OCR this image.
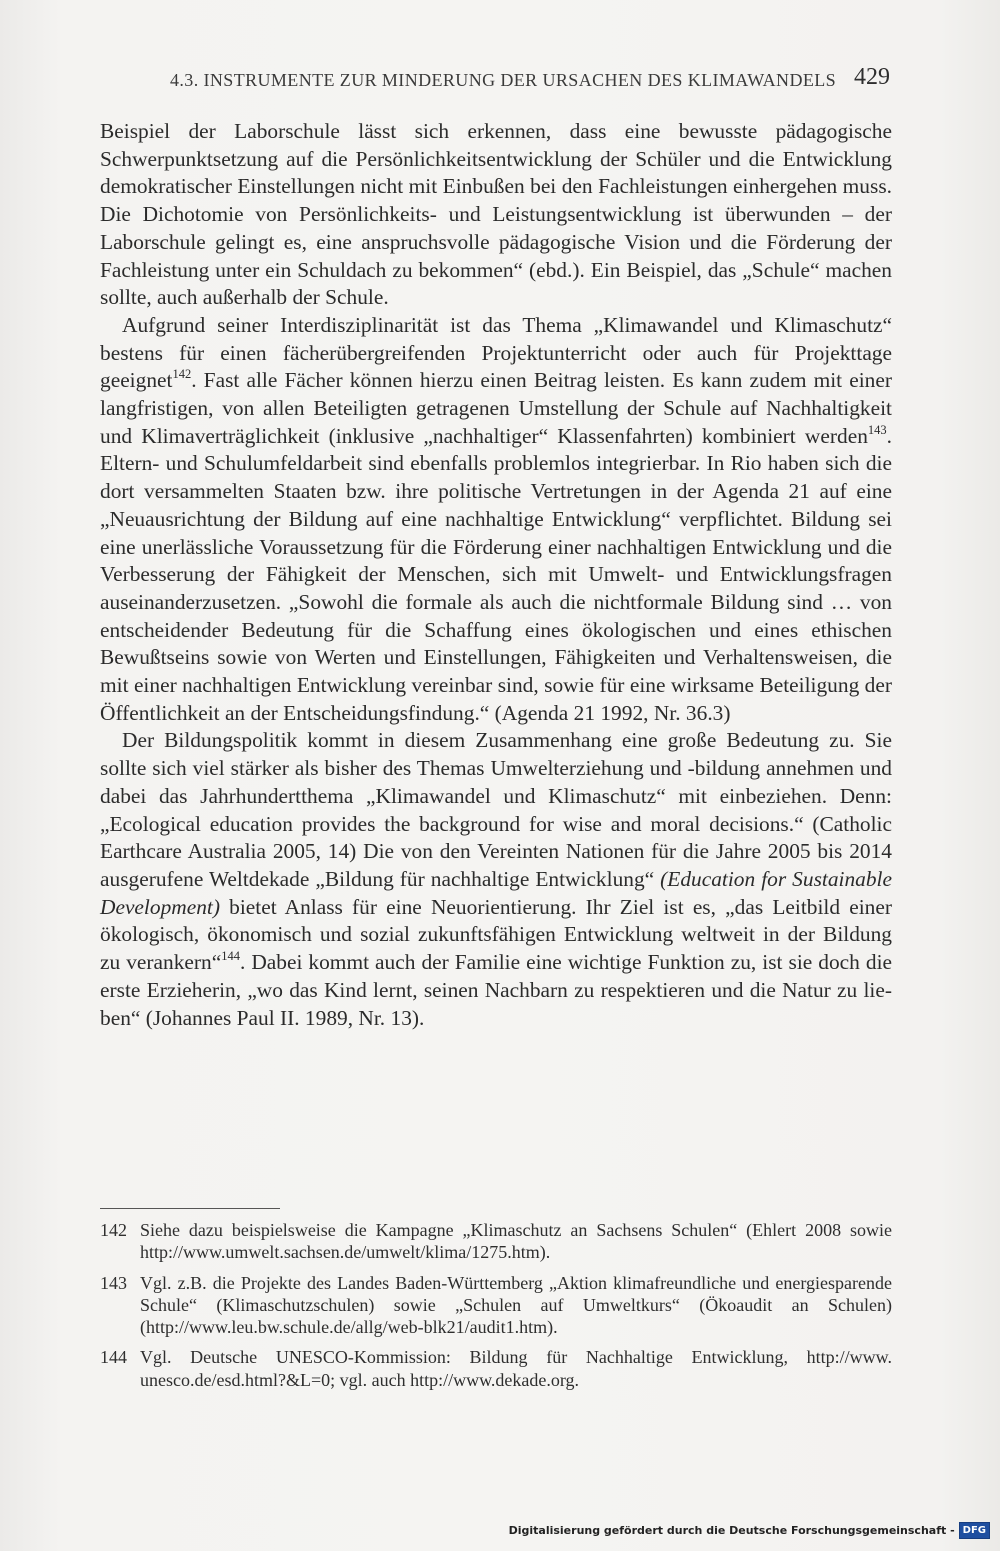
4.3. INSTRUMENTE ZUR MINDERUNG DER URSACHEN DES KLIMAWANDELS 429

Beispiel der Laborschule lässt sich erkennen, dass eine bewusste pädagogische Schwerpunktsetzung auf die Persönlichkeitsentwicklung der Schüler und die Entwicklung demokratischer Einstellungen nicht mit Einbußen bei den Fachleistungen einhergehen muss. Die Dichotomie von Persönlichkeits- und Leistungsentwicklung ist überwunden – der Laborschule gelingt es, eine anspruchsvolle pädagogische Vision und die Förderung der Fachleistung unter ein Schuldach zu bekommen“ (ebd.). Ein Beispiel, das „Schule“ machen sollte, auch außerhalb der Schule.

Aufgrund seiner Interdisziplinarität ist das Thema „Klimawandel und Klimaschutz“ bestens für einen fächerübergreifenden Projektunterricht oder auch für Projekttage geeignet$^{142}$. Fast alle Fächer können hierzu einen Beitrag leisten. Es kann zudem mit einer langfristigen, von allen Beteiligten getragenen Umstellung der Schule auf Nachhaltigkeit und Klimaverträglichkeit (inklusive „nachhaltiger“ Klassenfahrten) kombiniert werden$^{143}$. Eltern- und Schulumfeldarbeit sind ebenfalls problemlos integrierbar. In Rio haben sich die dort versammelten Staaten bzw. ihre politische Vertretungen in der Agenda 21 auf eine „Neuausrichtung der Bildung auf eine nachhaltige Entwicklung“ verpflichtet. Bildung sei eine unerlässliche Voraussetzung für die Förderung einer nachhaltigen Entwicklung und die Verbesserung der Fähigkeit der Menschen, sich mit Umwelt- und Entwicklungsfragen auseinanderzusetzen. „Sowohl die formale als auch die nichtformale Bildung sind … von entscheidender Bedeutung für die Schaffung eines ökologischen und eines ethischen Bewußtseins sowie von Werten und Einstellungen, Fähigkeiten und Verhaltensweisen, die mit einer nachhaltigen Entwicklung vereinbar sind, sowie für eine wirksame Beteiligung der Öffentlichkeit an der Entscheidungsfindung.“ (Agenda 21 1992, Nr. 36.3)

Der Bildungspolitik kommt in diesem Zusammenhang eine große Bedeutung zu. Sie sollte sich viel stärker als bisher des Themas Umwelterziehung und -bildung annehmen und dabei das Jahrhundertthema „Klimawandel und Klimaschutz“ mit einbeziehen. Denn: „Ecological education provides the background for wise and moral decisions.“ (Catholic Earthcare Australia 2005, 14) Die von den Vereinten Nationen für die Jahre 2005 bis 2014 ausgerufene Weltdekade „Bildung für nachhaltige Entwicklung“ (Education for Sustainable Development) bietet Anlass für eine Neuorientierung. Ihr Ziel ist es, „das Leitbild einer ökologisch, ökonomisch und sozial zukunftsfähigen Entwicklung weltweit in der Bildung zu verankern“$^{144}$. Dabei kommt auch der Familie eine wichtige Funktion zu, ist sie doch die erste Erzieherin, „wo das Kind lernt, seinen Nachbarn zu respektieren und die Natur zu lieben“ (Johannes Paul II. 1989, Nr. 13).

142 Siehe dazu beispielsweise die Kampagne „Klimaschutz an Sachsens Schulen“ (Ehlert 2008 sowie http://www.umwelt.sachsen.de/umwelt/klima/1275.htm).
143 Vgl. z.B. die Projekte des Landes Baden-Württemberg „Aktion klimafreundliche und energiesparende Schule“ (Klimaschutzschulen) sowie „Schulen auf Umweltkurs“ (Ökoaudit an Schulen) (http://www.leu.bw.schule.de/allg/web-blk21/audit1.htm).
144 Vgl. Deutsche UNESCO-Kommission: Bildung für Nachhaltige Entwicklung, http://www. unesco.de/esd.html?&L=0; vgl. auch http://www.dekade.org.
Digitalisierung gefördert durch die Deutsche Forschungsgemeinschaft - DFG
